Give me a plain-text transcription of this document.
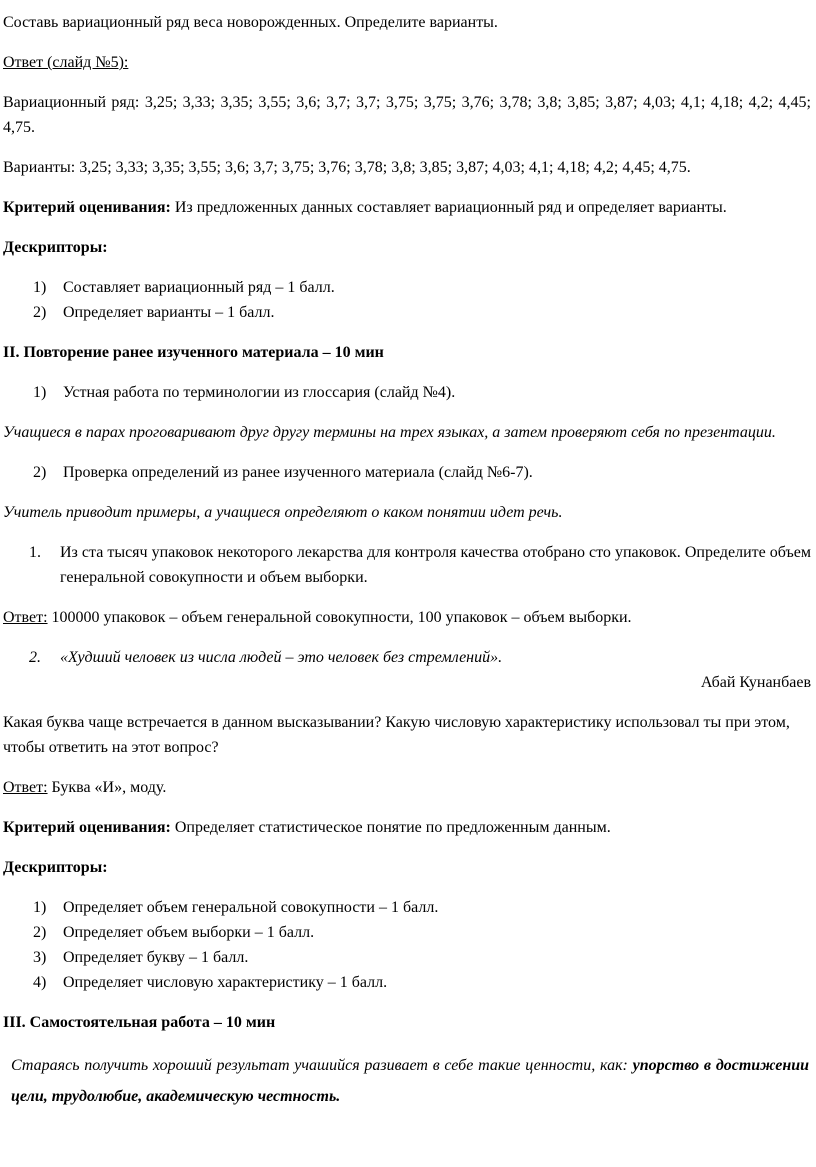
Составь вариационный ряд веса новорожденных. Определите варианты.

Ответ (слайд №5):

Вариационный ряд: 3,25; 3,33; 3,35; 3,55; 3,6; 3,7; 3,7; 3,75; 3,75; 3,76; 3,78; 3,8; 3,85; 3,87; 4,03; 4,1; 4,18; 4,2; 4,45; 4,75.

Варианты: 3,25; 3,33; 3,35; 3,55; 3,6; 3,7; 3,75; 3,76; 3,78; 3,8; 3,85; 3,87; 4,03; 4,1; 4,18; 4,2; 4,45; 4,75.

Критерий оценивания: Из предложенных данных составляет вариационный ряд и определяет варианты.

Дескрипторы:

1)	Составляет вариационный ряд – 1 балл.
2)	Определяет варианты – 1 балл.

II. Повторение ранее изученного материала – 10 мин

1)	Устная работа по терминологии из глоссария (слайд №4).

Учащиеся в парах проговаривают друг другу термины на трех языках, а затем проверяют себя по презентации.

2)	Проверка определений из ранее изученного материала (слайд №6-7).

Учитель приводит примеры, а учащиеся определяют о каком понятии идет речь.

1.	Из ста тысяч упаковок некоторого лекарства для контроля качества отобрано сто упаковок. Определите объем генеральной совокупности и объем выборки.

Ответ: 100000 упаковок – объем генеральной совокупности, 100 упаковок – объем выборки.

2.	«Худший человек из числа людей – это человек без стремлений».
Абай Кунанбаев

Какая буква чаще встречается в данном высказывании? Какую числовую характеристику использовал ты при этом, чтобы ответить на этот вопрос?

Ответ: Буква «И», моду.

Критерий оценивания: Определяет статистическое понятие по предложенным данным.

Дескрипторы:

1)	Определяет объем генеральной совокупности – 1 балл.
2)	Определяет объем выборки – 1 балл.
3)	Определяет букву – 1 балл.
4)	Определяет числовую характеристику – 1 балл.

III. Самостоятельная работа – 10 мин

Стараясь получить хороший результат учашийся разивает в себе такие ценности, как: упорство в достижении цели, трудолюбие, академическую честность.
